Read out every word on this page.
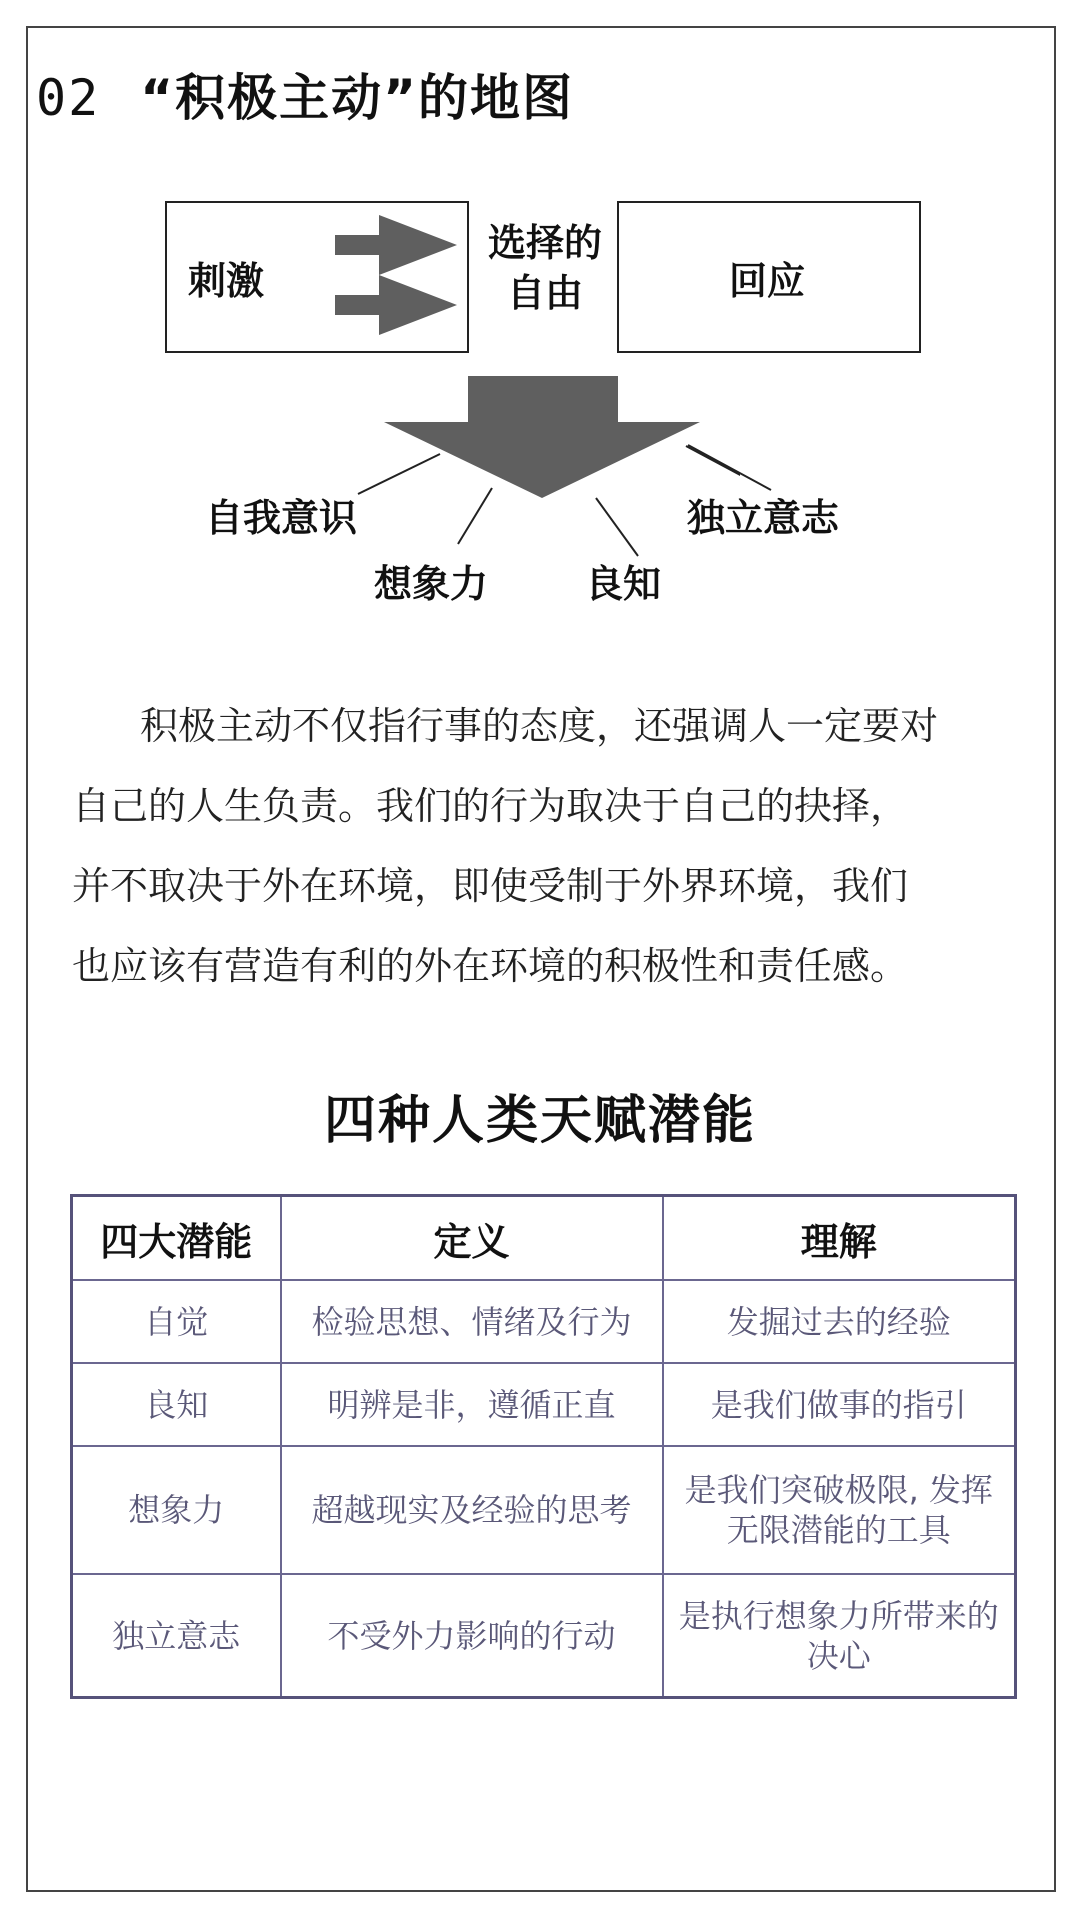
02 “积极主动”的地图
刺激
选择的
自由	回应
自我意识
想象力	良知
独立意志
积极主动不仅指行事的态度，还强调人一定要对
自己的人生负责。我们的行为取决于自己的抉择，
并不取决于外在环境，即使受制于外界环境，我们
也应该有营造有利的外在环境的积极性和责任感。
四种人类天赋潜能
四大潜能	定义	理解
自觉	检验思想、情绪及行为	发掘过去的经验
良知	明辨是非，遵循正直	是我们做事的指引
想象力	超越现实及经验的思考	是我们突破极限, 发挥无限潜能的工具
独立意志	不受外力影响的行动	是执行想象力所带来的决心
